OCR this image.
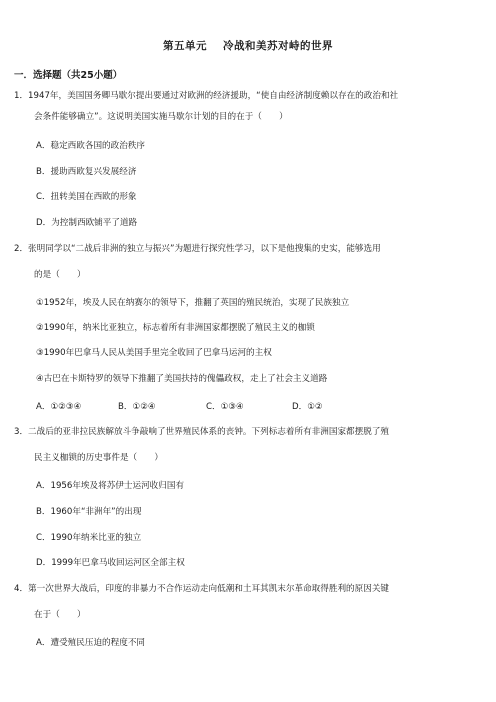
第五单元 冷战和美苏对峙的世界
一．选择题（共25小题）
1．1947年，美国国务卿马歇尔提出要通过对欧洲的经济援助，“使自由经济制度赖以存在的政治和社
会条件能够确立”。这说明美国实施马歇尔计划的目的在于（　　）
A．稳定西欧各国的政治秩序
B．援助西欧复兴发展经济
C．扭转美国在西欧的形象
D．为控制西欧铺平了道路
2．张明同学以“二战后非洲的独立与振兴”为题进行探究性学习，以下是他搜集的史实，能够选用
的是（　　）
①1952年，埃及人民在纳赛尔的领导下，推翻了英国的殖民统治，实现了民族独立
②1990年，纳米比亚独立，标志着所有非洲国家都摆脱了殖民主义的枷锁
③1990年巴拿马人民从美国手里完全收回了巴拿马运河的主权
④古巴在卡斯特罗的领导下推翻了美国扶持的傀儡政权，走上了社会主义道路
A．①②③④	B．①②④	C．①③④	D．①②
3．二战后的亚非拉民族解放斗争敲响了世界殖民体系的丧钟。下列标志着所有非洲国家都摆脱了殖
民主义枷锁的历史事件是（　　）
A．1956年埃及将苏伊士运河收归国有
B．1960年“非洲年”的出现
C．1990年纳米比亚的独立
D．1999年巴拿马收回运河区全部主权
4．第一次世界大战后，印度的非暴力不合作运动走向低潮和土耳其凯末尔革命取得胜利的原因关键
在于（　　）
A．遭受殖民压迫的程度不同
